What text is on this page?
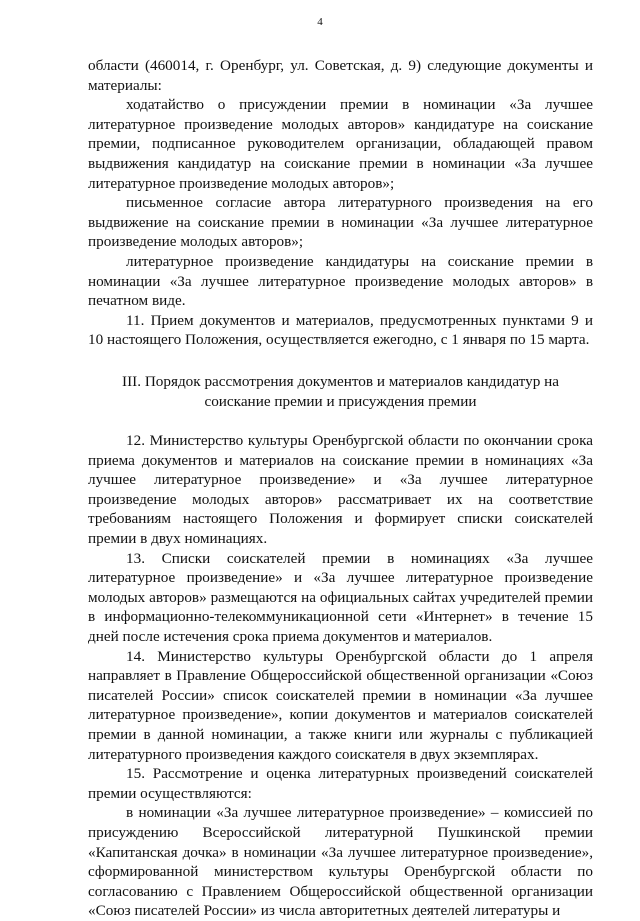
4

области (460014, г. Оренбург, ул. Советская, д. 9) следующие документы и материалы:

ходатайство о присуждении премии в номинации «За лучшее литературное произведение молодых авторов» кандидатуре на соискание премии, подписанное руководителем организации, обладающей правом выдвижения кандидатур на соискание премии в номинации «За лучшее литературное произведение молодых авторов»;

письменное согласие автора литературного произведения на его выдвижение на соискание премии в номинации «За лучшее литературное произведение молодых авторов»;

литературное произведение кандидатуры на соискание премии в номинации «За лучшее литературное произведение молодых авторов» в печатном виде.

11. Прием документов и материалов, предусмотренных пунктами 9 и 10 настоящего Положения, осуществляется ежегодно, с 1 января по 15 марта.

III. Порядок рассмотрения документов и материалов кандидатур на
соискание премии и присуждения премии

12. Министерство культуры Оренбургской области по окончании срока приема документов и материалов на соискание премии в номинациях «За лучшее литературное произведение» и «За лучшее литературное произведение молодых авторов» рассматривает их на соответствие требованиям настоящего Положения и формирует списки соискателей премии в двух номинациях.

13. Списки соискателей премии в номинациях «За лучшее литературное произведение» и «За лучшее литературное произведение молодых авторов» размещаются на официальных сайтах учредителей премии в информационно-телекоммуникационной сети «Интернет» в течение 15 дней после истечения срока приема документов и материалов.

14. Министерство культуры Оренбургской области до 1 апреля направляет в Правление Общероссийской общественной организации «Союз писателей России» список соискателей премии в номинации «За лучшее литературное произведение», копии документов и материалов соискателей премии в данной номинации, а также книги или журналы с публикацией литературного произведения каждого соискателя в двух экземплярах.

15. Рассмотрение и оценка литературных произведений соискателей премии осуществляются:

в номинации «За лучшее литературное произведение» – комиссией по присуждению Всероссийской литературной Пушкинской премии «Капитанская дочка» в номинации «За лучшее литературное произведение», сформированной министерством культуры Оренбургской области по согласованию с Правлением Общероссийской общественной организации «Союз писателей России» из числа авторитетных деятелей литературы и
